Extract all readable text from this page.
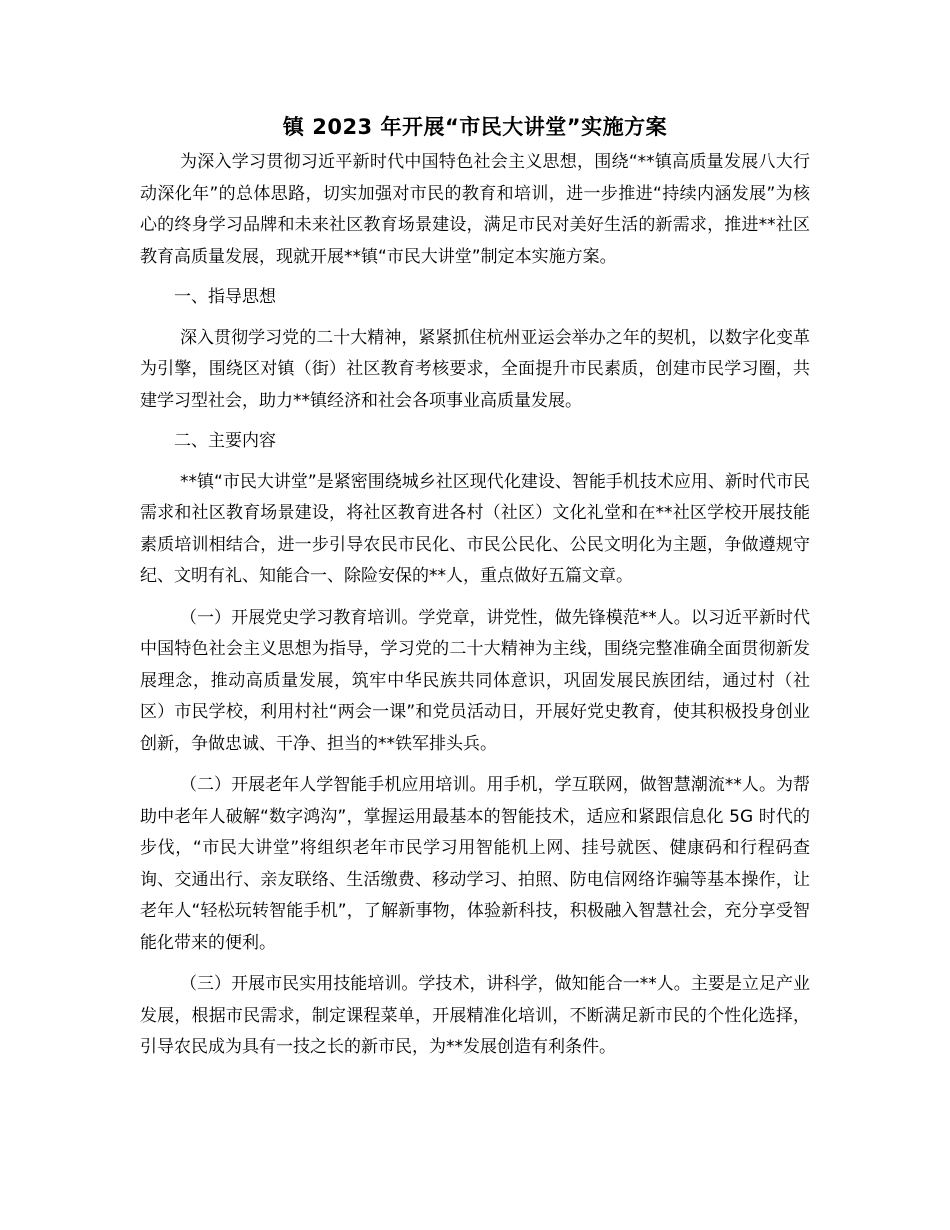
镇 2023 年开展“市民大讲堂”实施方案

为深入学习贯彻习近平新时代中国特色社会主义思想，围绕“**镇高质量发展八大行动深化年”的总体思路，切实加强对市民的教育和培训，进一步推进“持续内涵发展”为核心的终身学习品牌和未来社区教育场景建设，满足市民对美好生活的新需求，推进**社区教育高质量发展，现就开展**镇“市民大讲堂”制定本实施方案。

一、指导思想

深入贯彻学习党的二十大精神，紧紧抓住杭州亚运会举办之年的契机，以数字化变革为引擎，围绕区对镇（街）社区教育考核要求，全面提升市民素质，创建市民学习圈，共建学习型社会，助力**镇经济和社会各项事业高质量发展。

二、主要内容

**镇“市民大讲堂”是紧密围绕城乡社区现代化建设、智能手机技术应用、新时代市民需求和社区教育场景建设，将社区教育进各村（社区）文化礼堂和在**社区学校开展技能素质培训相结合，进一步引导农民市民化、市民公民化、公民文明化为主题，争做遵规守纪、文明有礼、知能合一、除险安保的**人，重点做好五篇文章。

（一）开展党史学习教育培训。学党章，讲党性，做先锋模范**人。以习近平新时代中国特色社会主义思想为指导，学习党的二十大精神为主线，围绕完整准确全面贯彻新发展理念，推动高质量发展，筑牢中华民族共同体意识，巩固发展民族团结，通过村（社区）市民学校，利用村社“两会一课”和党员活动日，开展好党史教育，使其积极投身创业创新，争做忠诚、干净、担当的**铁军排头兵。

（二）开展老年人学智能手机应用培训。用手机，学互联网，做智慧潮流**人。为帮助中老年人破解“数字鸿沟”，掌握运用最基本的智能技术，适应和紧跟信息化 5G 时代的步伐，“市民大讲堂”将组织老年市民学习用智能机上网、挂号就医、健康码和行程码查询、交通出行、亲友联络、生活缴费、移动学习、拍照、防电信网络诈骗等基本操作，让老年人“轻松玩转智能手机”，了解新事物，体验新科技，积极融入智慧社会，充分享受智能化带来的便利。

（三）开展市民实用技能培训。学技术，讲科学，做知能合一**人。主要是立足产业发展，根据市民需求，制定课程菜单，开展精准化培训，不断满足新市民的个性化选择，引导农民成为具有一技之长的新市民，为**发展创造有利条件。
